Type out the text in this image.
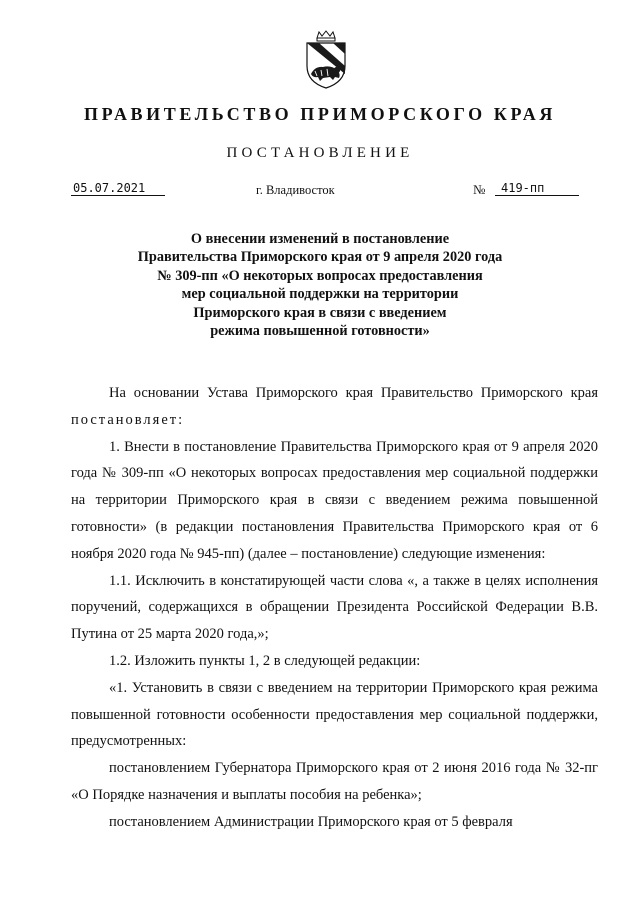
ПРАВИТЕЛЬСТВО ПРИМОРСКОГО КРАЯ
ПОСТАНОВЛЕНИЕ
05.07.2021	г. Владивосток	№	419-пп
О внесении изменений в постановление
Правительства Приморского края от 9 апреля 2020 года
№ 309-пп «О некоторых вопросах предоставления
мер социальной поддержки на территории
Приморского края в связи с введением
режима повышенной готовности»

На основании Устава Приморского края Правительство Приморского края постановляет:

1. Внести в постановление Правительства Приморского края от 9 апреля 2020 года № 309-пп «О некоторых вопросах предоставления мер социальной поддержки на территории Приморского края в связи с введением режима повышенной готовности» (в редакции постановления Правительства Приморского края от 6 ноября 2020 года № 945-пп) (далее – постановление) следующие изменения:

1.1. Исключить в констатирующей части слова «, а также в целях исполнения поручений, содержащихся в обращении Президента Российской Федерации В.В. Путина от 25 марта 2020 года,»;

1.2. Изложить пункты 1, 2 в следующей редакции:

«1. Установить в связи с введением на территории Приморского края режима повышенной готовности особенности предоставления мер социальной поддержки, предусмотренных:

постановлением Губернатора Приморского края от 2 июня 2016 года № 32-пг «О Порядке назначения и выплаты пособия на ребенка»;

постановлением Администрации Приморского края от 5 февраля
